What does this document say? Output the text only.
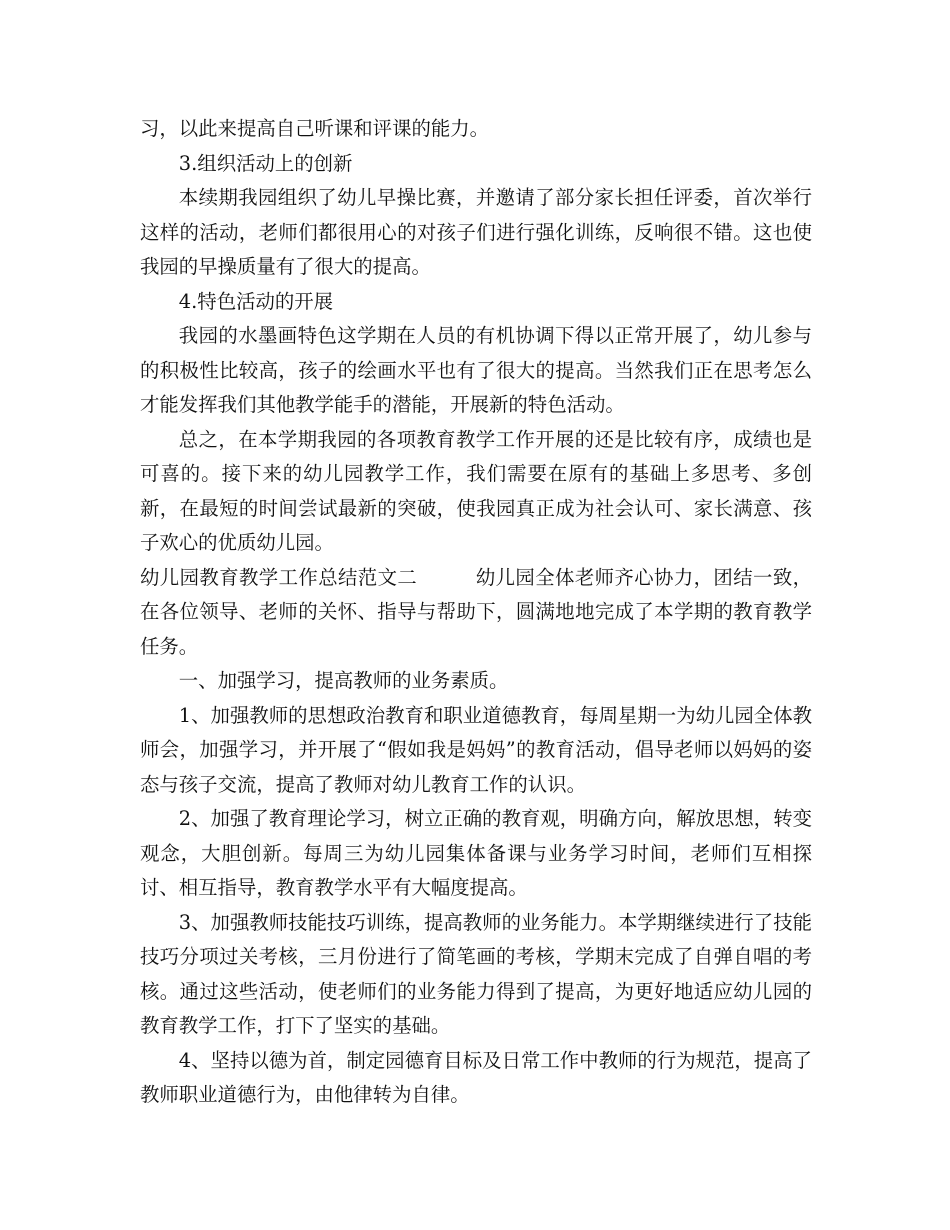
习，以此来提高自己听课和评课的能力。

3.组织活动上的创新

本续期我园组织了幼儿早操比赛，并邀请了部分家长担任评委，首次举行这样的活动，老师们都很用心的对孩子们进行强化训练，反响很不错。这也使我园的早操质量有了很大的提高。

4.特色活动的开展

我园的水墨画特色这学期在人员的有机协调下得以正常开展了，幼儿参与的积极性比较高，孩子的绘画水平也有了很大的提高。当然我们正在思考怎么才能发挥我们其他教学能手的潜能，开展新的特色活动。

总之，在本学期我园的各项教育教学工作开展的还是比较有序，成绩也是可喜的。接下来的幼儿园教学工作，我们需要在原有的基础上多思考、多创新，在最短的时间尝试最新的突破，使我园真正成为社会认可、家长满意、孩子欢心的优质幼儿园。

幼儿园教育教学工作总结范文二	幼儿园全体老师齐心协力，团结一致，在各位领导、老师的关怀、指导与帮助下，圆满地地完成了本学期的教育教学任务。

一、加强学习，提高教师的业务素质。

1、加强教师的思想政治教育和职业道德教育，每周星期一为幼儿园全体教师会，加强学习，并开展了“假如我是妈妈”的教育活动，倡导老师以妈妈的姿态与孩子交流，提高了教师对幼儿教育工作的认识。

2、加强了教育理论学习，树立正确的教育观，明确方向，解放思想，转变观念，大胆创新。每周三为幼儿园集体备课与业务学习时间，老师们互相探讨、相互指导，教育教学水平有大幅度提高。

3、加强教师技能技巧训练，提高教师的业务能力。本学期继续进行了技能技巧分项过关考核，三月份进行了简笔画的考核，学期末完成了自弹自唱的考核。通过这些活动，使老师们的业务能力得到了提高，为更好地适应幼儿园的教育教学工作，打下了坚实的基础。

4、坚持以德为首，制定园德育目标及日常工作中教师的行为规范，提高了教师职业道德行为，由他律转为自律。
